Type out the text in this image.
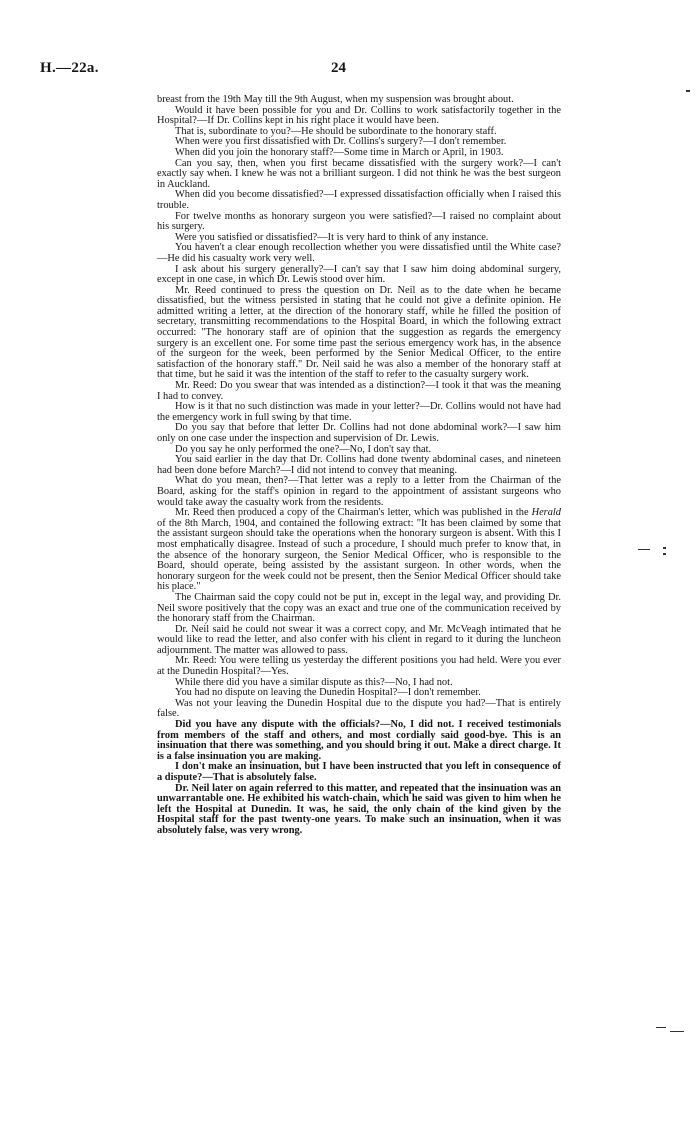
H.—22a.	24

breast from the 19th May till the 9th August, when my suspension was brought about.

Would it have been possible for you and Dr. Collins to work satisfactorily together in the Hospital?—If Dr. Collins kept in his right place it would have been.

That is, subordinate to you?—He should be subordinate to the honorary staff.

When were you first dissatisfied with Dr. Collins's surgery?—I don't remember.

When did you join the honorary staff?—Some time in March or April, in 1903.

Can you say, then, when you first became dissatisfied with the surgery work?—I can't exactly say when. I knew he was not a brilliant surgeon. I did not think he was the best surgeon in Auckland.

When did you become dissatisfied?—I expressed dissatisfaction officially when I raised this trouble.

For twelve months as honorary surgeon you were satisfied?—I raised no complaint about his surgery.

Were you satisfied or dissatisfied?—It is very hard to think of any instance.

You haven't a clear enough recollection whether you were dissatisfied until the White case?—He did his casualty work very well.

I ask about his surgery generally?—I can't say that I saw him doing abdominal surgery, except in one case, in which Dr. Lewis stood over him.

Mr. Reed continued to press the question on Dr. Neil as to the date when he became dissatisfied, but the witness persisted in stating that he could not give a definite opinion. He admitted writing a letter, at the direction of the honorary staff, while he filled the position of secretary, transmitting recommendations to the Hospital Board, in which the following extract occurred: "The honorary staff are of opinion that the suggestion as regards the emergency surgery is an excellent one. For some time past the serious emergency work has, in the absence of the surgeon for the week, been performed by the Senior Medical Officer, to the entire satisfaction of the honorary staff." Dr. Neil said he was also a member of the honorary staff at that time, but he said it was the intention of the staff to refer to the casualty surgery work.

Mr. Reed: Do you swear that was intended as a distinction?—I took it that was the meaning I had to convey.

How is it that no such distinction was made in your letter?—Dr. Collins would not have had the emergency work in full swing by that time.

Do you say that before that letter Dr. Collins had not done abdominal work?—I saw him only on one case under the inspection and supervision of Dr. Lewis.

Do you say he only performed the one?—No, I don't say that.

You said earlier in the day that Dr. Collins had done twenty abdominal cases, and nineteen had been done before March?—I did not intend to convey that meaning.

What do you mean, then?—That letter was a reply to a letter from the Chairman of the Board, asking for the staff's opinion in regard to the appointment of assistant surgeons who would take away the casualty work from the residents.

Mr. Reed then produced a copy of the Chairman's letter, which was published in the Herald of the 8th March, 1904, and contained the following extract: "It has been claimed by some that the assistant surgeon should take the operations when the honorary surgeon is absent. With this I most emphatically disagree. Instead of such a procedure, I should much prefer to know that, in the absence of the honorary surgeon, the Senior Medical Officer, who is responsible to the Board, should operate, being assisted by the assistant surgeon. In other words, when the honorary surgeon for the week could not be present, then the Senior Medical Officer should take his place."

The Chairman said the copy could not be put in, except in the legal way, and providing Dr. Neil swore positively that the copy was an exact and true one of the communication received by the honorary staff from the Chairman.

Dr. Neil said he could not swear it was a correct copy, and Mr. McVeagh intimated that he would like to read the letter, and also confer with his client in regard to it during the luncheon adjournment. The matter was allowed to pass.

Mr. Reed: You were telling us yesterday the different positions you had held. Were you ever at the Dunedin Hospital?—Yes.

While there did you have a similar dispute as this?—No, I had not.

You had no dispute on leaving the Dunedin Hospital?—I don't remember.

Was not your leaving the Dunedin Hospital due to the dispute you had?—That is entirely false.

Did you have any dispute with the officials?—No, I did not. I received testimonials from members of the staff and others, and most cordially said good-bye. This is an insinuation that there was something, and you should bring it out. Make a direct charge. It is a false insinuation you are making.

I don't make an insinuation, but I have been instructed that you left in consequence of a dispute?—That is absolutely false.

Dr. Neil later on again referred to this matter, and repeated that the insinuation was an unwarrantable one. He exhibited his watch-chain, which he said was given to him when he left the Hospital at Dunedin. It was, he said, the only chain of the kind given by the Hospital staff for the past twenty-one years. To make such an insinuation, when it was absolutely false, was very wrong.
